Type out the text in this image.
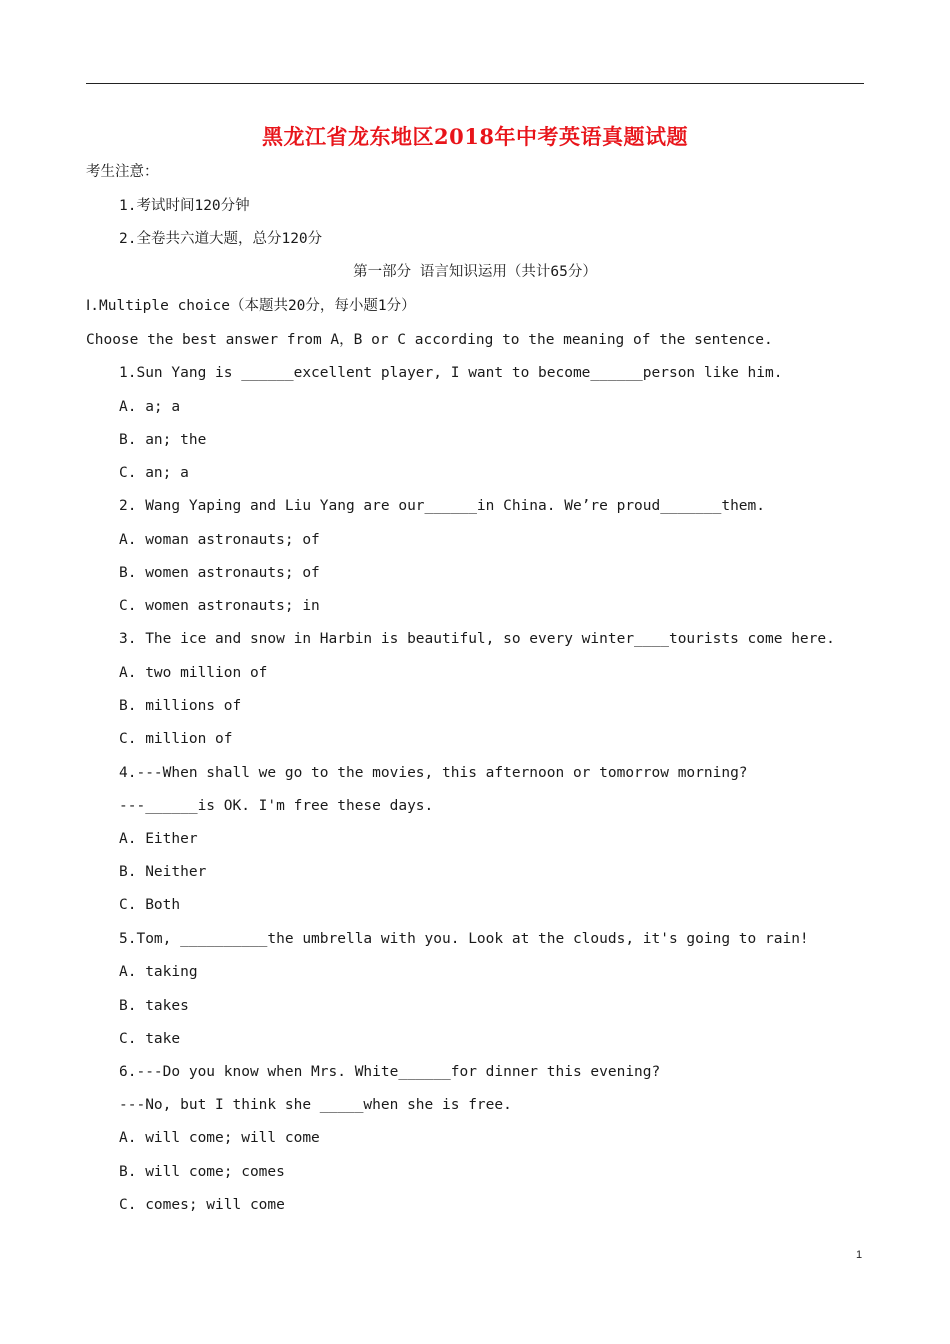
黑龙江省龙东地区2018年中考英语真题试题
考生注意：
1.考试时间120分钟
2.全卷共六道大题，总分120分
第一部分 语言知识运用（共计65分）
Ⅰ.Multiple choice（本题共20分，每小题1分）
Choose the best answer from A，B or C according to the meaning of the sentence.
1.Sun Yang is ______excellent player, I want to become______person like him.
A. a; a
B. an; the
C. an; a
2. Wang Yaping and Liu Yang are our______in China. We’re proud_______them.
A. woman astronauts; of
B. women astronauts; of
C. women astronauts; in
3. The ice and snow in Harbin is beautiful, so every winter____tourists come here.
A. two million of
B. millions of
C. million of
4.---When shall we go to the movies, this afternoon or tomorrow morning?
---______is OK. I'm free these days.
A. Either
B. Neither
C. Both
5.Tom, __________the umbrella with you. Look at the clouds, it's going to rain!
A. taking
B. takes
C. take
6.---Do you know when Mrs. White______for dinner this evening?
---No, but I think she _____when she is free.
A. will come; will come
B. will come; comes
C. comes; will come
1
